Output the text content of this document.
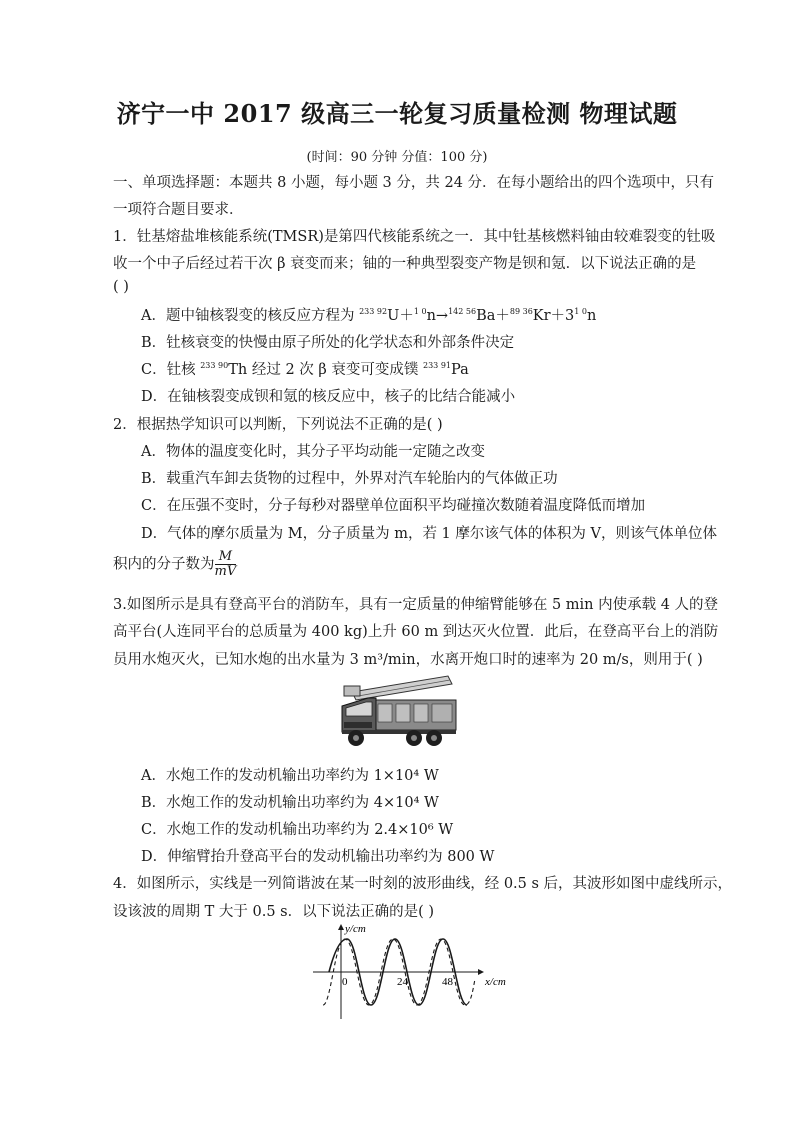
济宁一中 2017 级高三一轮复习质量检测 物理试题
(时间：90 分钟 分值：100 分)
一、单项选择题：本题共 8 小题，每小题 3 分，共 24 分．在每小题给出的四个选项中，只有
一项符合题目要求．
1．钍基熔盐堆核能系统(TMSR)是第四代核能系统之一．其中钍基核燃料铀由较难裂变的钍吸
收一个中子后经过若干次 β 衰变而来；铀的一种典型裂变产物是钡和氪．以下说法正确的是
( )
A．题中铀核裂变的核反应方程为 $^{233 92}U+^{1 0}n\to^{142 56}Ba+^{89 36}Kr+3^{1 0}n$
B．钍核衰变的快慢由原子所处的化学状态和外部条件决定
C．钍核 $^{233 90}$Th 经过 2 次 β 衰变可变成镤 $^{233 91}$Pa
D．在铀核裂变成钡和氪的核反应中，核子的比结合能减小
2．根据热学知识可以判断，下列说法不正确的是( )
A．物体的温度变化时，其分子平均动能一定随之改变
B．载重汽车卸去货物的过程中，外界对汽车轮胎内的气体做正功
C．在压强不变时，分子每秒对器壁单位面积平均碰撞次数随着温度降低而增加
D．气体的摩尔质量为 M，分子质量为 m，若 1 摩尔该气体的体积为 V，则该气体单位体
积内的分子数为 $\frac{M}{mV}$
3.如图所示是具有登高平台的消防车，具有一定质量的伸缩臂能够在 5 min 内使承载 4 人的登
高平台(人连同平台的总质量为 400 kg)上升 60 m 到达灭火位置．此后，在登高平台上的消防
员用水炮灭火，已知水炮的出水量为 3 m³/min，水离开炮口时的速率为 20 m/s，则用于( )
A．水炮工作的发动机输出功率约为 1×10⁴ W
B．水炮工作的发动机输出功率约为 4×10⁴ W
C．水炮工作的发动机输出功率约为 2.4×10⁶ W
D．伸缩臂抬升登高平台的发动机输出功率约为 800 W
4．如图所示，实线是一列简谐波在某一时刻的波形曲线，经 0.5 s 后，其波形如图中虚线所示，
设该波的周期 T 大于 0.5 s．以下说法正确的是( )
y/cm
0	24	48	x/cm
